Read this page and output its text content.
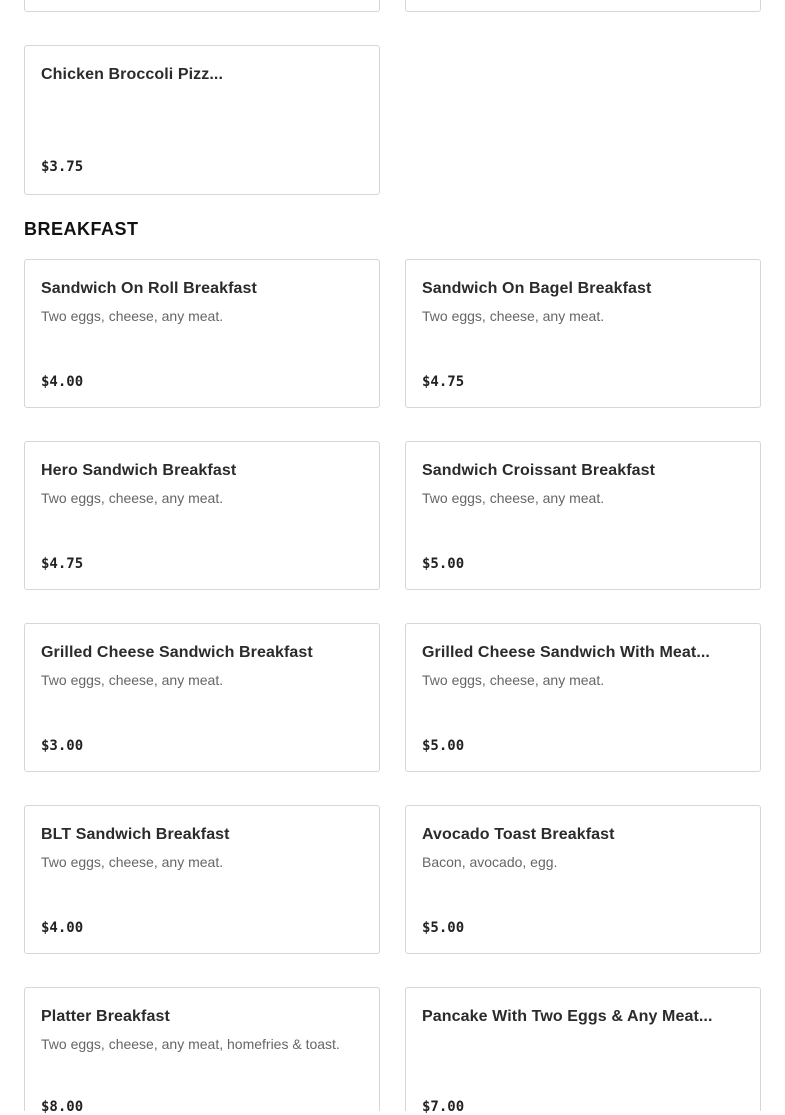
Chicken Broccoli Pizz...
$3.75
BREAKFAST
Sandwich On Roll Breakfast
Two eggs, cheese, any meat.
$4.00
Sandwich On Bagel Breakfast
Two eggs, cheese, any meat.
$4.75
Hero Sandwich Breakfast
Two eggs, cheese, any meat.
$4.75
Sandwich Croissant Breakfast
Two eggs, cheese, any meat.
$5.00
Grilled Cheese Sandwich Breakfast
Two eggs, cheese, any meat.
$3.00
Grilled Cheese Sandwich With Meat...
Two eggs, cheese, any meat.
$5.00
BLT Sandwich Breakfast
Two eggs, cheese, any meat.
$4.00
Avocado Toast Breakfast
Bacon, avocado, egg.
$5.00
Platter Breakfast
Two eggs, cheese, any meat, homefries & toast.
$8.00
Pancake With Two Eggs & Any Meat...
$7.00
